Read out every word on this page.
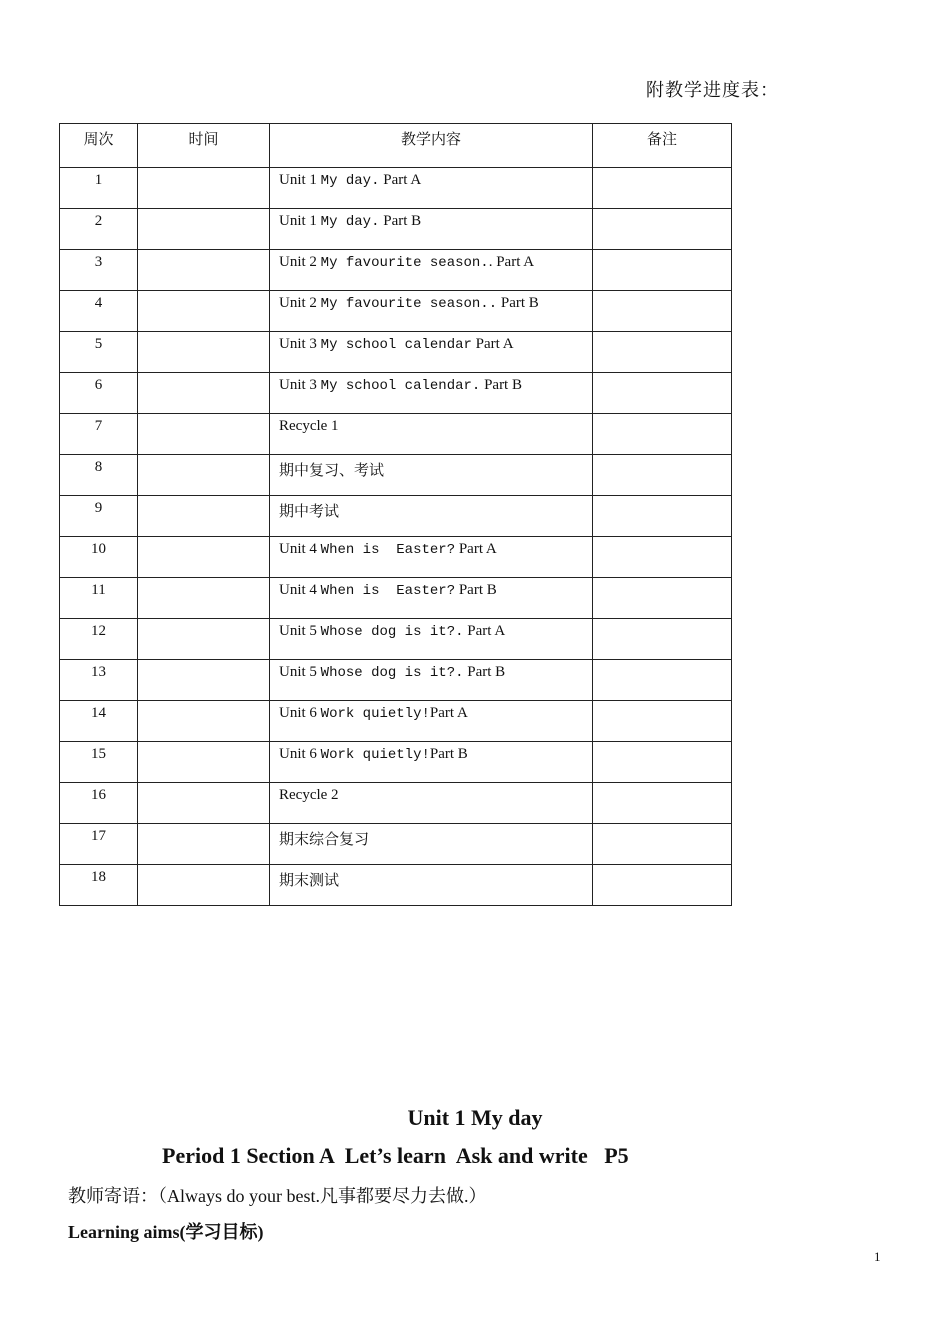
附教学进度表：
周次	时间	教学内容	备注
1		Unit 1 My day. Part A	
2		Unit 1 My day. Part B	
3		Unit 2 My favourite season.. Part A	
4		Unit 2 My favourite season.. Part B	
5		Unit 3 My school calendar Part A	
6		Unit 3 My school calendar. Part B	
7		Recycle 1	
8		期中复习、考试	
9		期中考试	
10		Unit 4 When is  Easter? Part A	
11		Unit 4 When is  Easter? Part B	
12		Unit 5 Whose dog is it?. Part A	
13		Unit 5 Whose dog is it?. Part B	
14		Unit 6 Work quietly!Part A	
15		Unit 6 Work quietly!Part B	
16		Recycle 2	
17		期末综合复习	
18		期末测试	
Unit 1 My day
Period 1 Section A  Let’s learn  Ask and write   P5
教师寄语：（Always do your best.凡事都要尽力去做.）
Learning aims(学习目标)
1
